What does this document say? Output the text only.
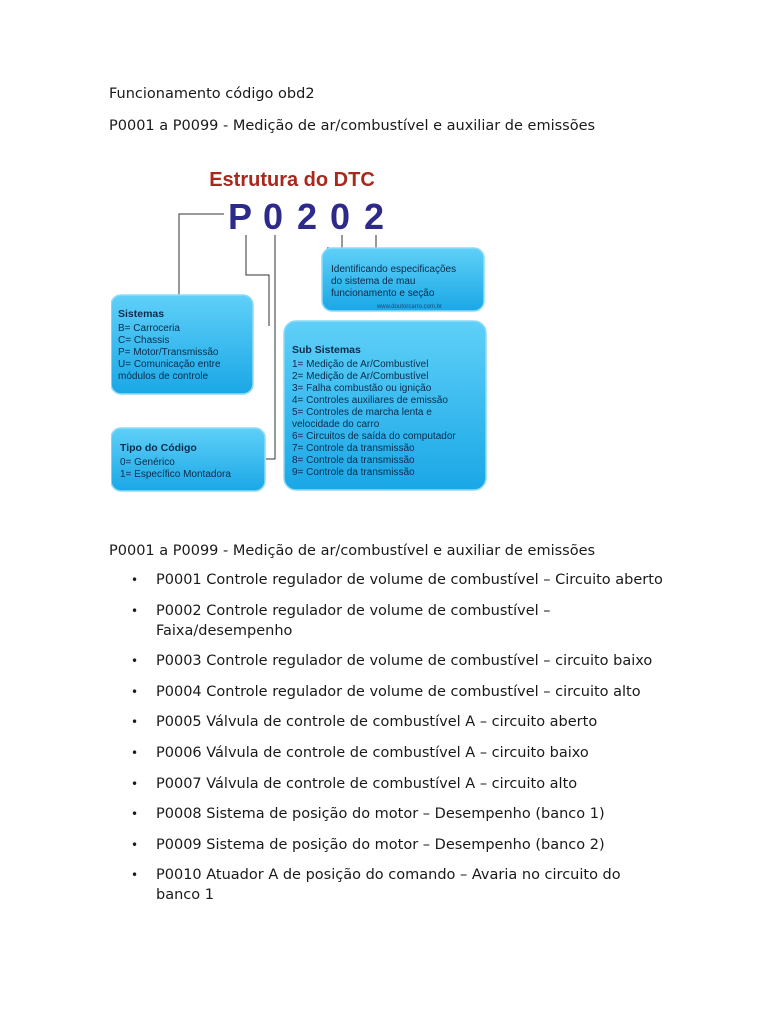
Funcionamento código obd2
P0001 a P0099 - Medição de ar/combustível e auxiliar de emissões
Estrutura do DTC
P 0 2 0 2
Identificando especificações
do sistema de mau
funcionamento e seção
www.doutorcarro.com.br
Sistemas
B= Carroceria
C= Chassis
P= Motor/Transmissão
U= Comunicação entre
módulos de controle
Sub Sistemas
1= Medição de Ar/Combustível
2= Medição de Ar/Combustível
3= Falha combustão ou ignição
4= Controles auxiliares de emissão
5= Controles de marcha lenta e
velocidade do carro
6= Circuitos de saída do computador
7= Controle da transmissão
8= Controle da transmissão
9= Controle da transmissão
Tipo do Código
0= Genérico
1= Específico Montadora
P0001 a P0099 - Medição de ar/combustível e auxiliar de emissões
• P0001 Controle regulador de volume de combustível – Circuito aberto
• P0002 Controle regulador de volume de combustível – Faixa/desempenho
• P0003 Controle regulador de volume de combustível – circuito baixo
• P0004 Controle regulador de volume de combustível – circuito alto
• P0005 Válvula de controle de combustível A – circuito aberto
• P0006 Válvula de controle de combustível A – circuito baixo
• P0007 Válvula de controle de combustível A – circuito alto
• P0008 Sistema de posição do motor – Desempenho (banco 1)
• P0009 Sistema de posição do motor – Desempenho (banco 2)
• P0010 Atuador A de posição do comando – Avaria no circuito do banco 1
